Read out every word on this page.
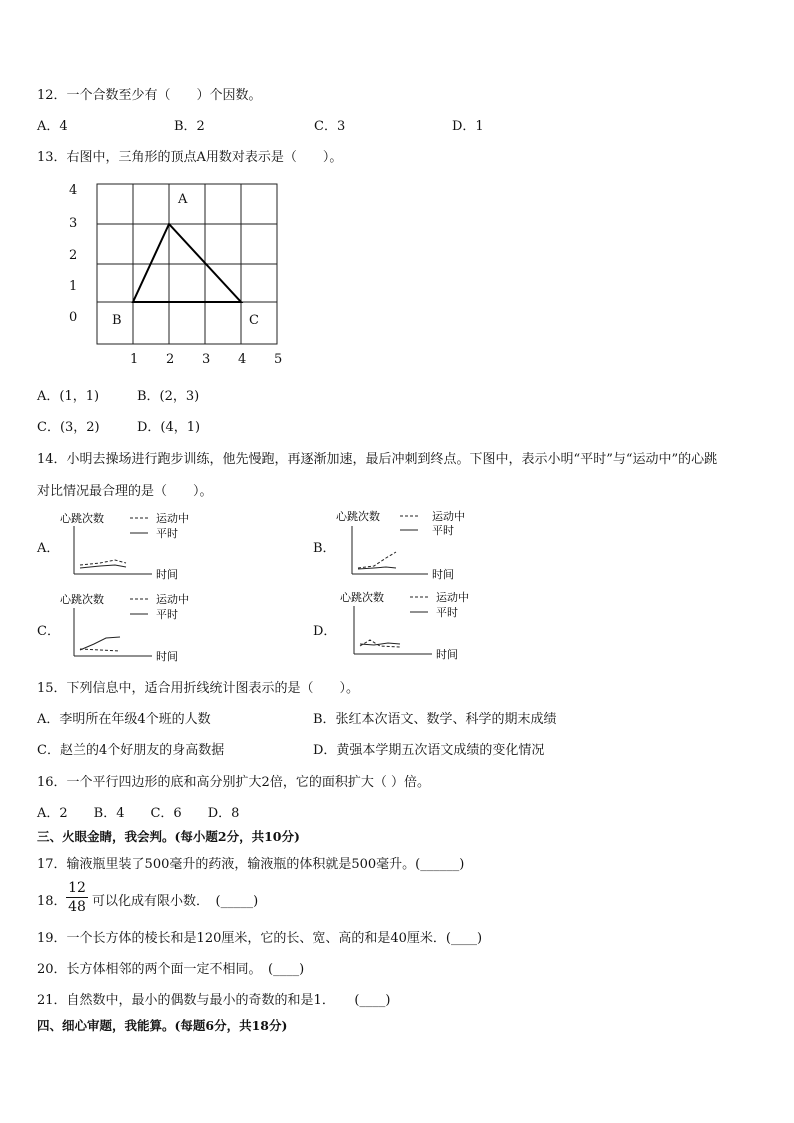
12．一个合数至少有（　　）个因数。
A．4	B．2	C．3	D．1
13．右图中，三角形的顶点A用数对表示是（　　）。
4
3
2
1
0
1 2 3 4 5
A
B	C
A．(1，1)	B．(2，3)
C．(3，2)	D．(4，1)
14．小明去操场进行跑步训练，他先慢跑，再逐渐加速，最后冲刺到终点。下图中，表示小明“平时”与“运动中”的心跳
对比情况最合理的是（　　）。
A．
心跳次数	运动中
平时
时间
B．
心跳次数	运动中
平时
时间
C．
心跳次数	运动中
平时
时间
D．
心跳次数	运动中
平时
时间
15．下列信息中，适合用折线统计图表示的是（　　）。
A．李明所在年级4个班的人数	B．张红本次语文、数学、科学的期末成绩
C．赵兰的4个好朋友的身高数据	D．黄强本学期五次语文成绩的变化情况
16．一个平行四边形的底和高分别扩大2倍，它的面积扩大（ ）倍。
A．2　　B．4　　C．6　　D．8
三、火眼金睛，我会判。(每小题2分，共10分)
17．输液瓶里装了500毫升的药液，输液瓶的体积就是500毫升。(______)
18．
12
48 可以化成有限小数．　(_____)
19．一个长方体的棱长和是120厘米，它的长、宽、高的和是40厘米．(____)
20．长方体相邻的两个面一定不相同。　(____)
21．自然数中，最小的偶数与最小的奇数的和是1．　　(____)
四、细心审题，我能算。(每题6分，共18分)
